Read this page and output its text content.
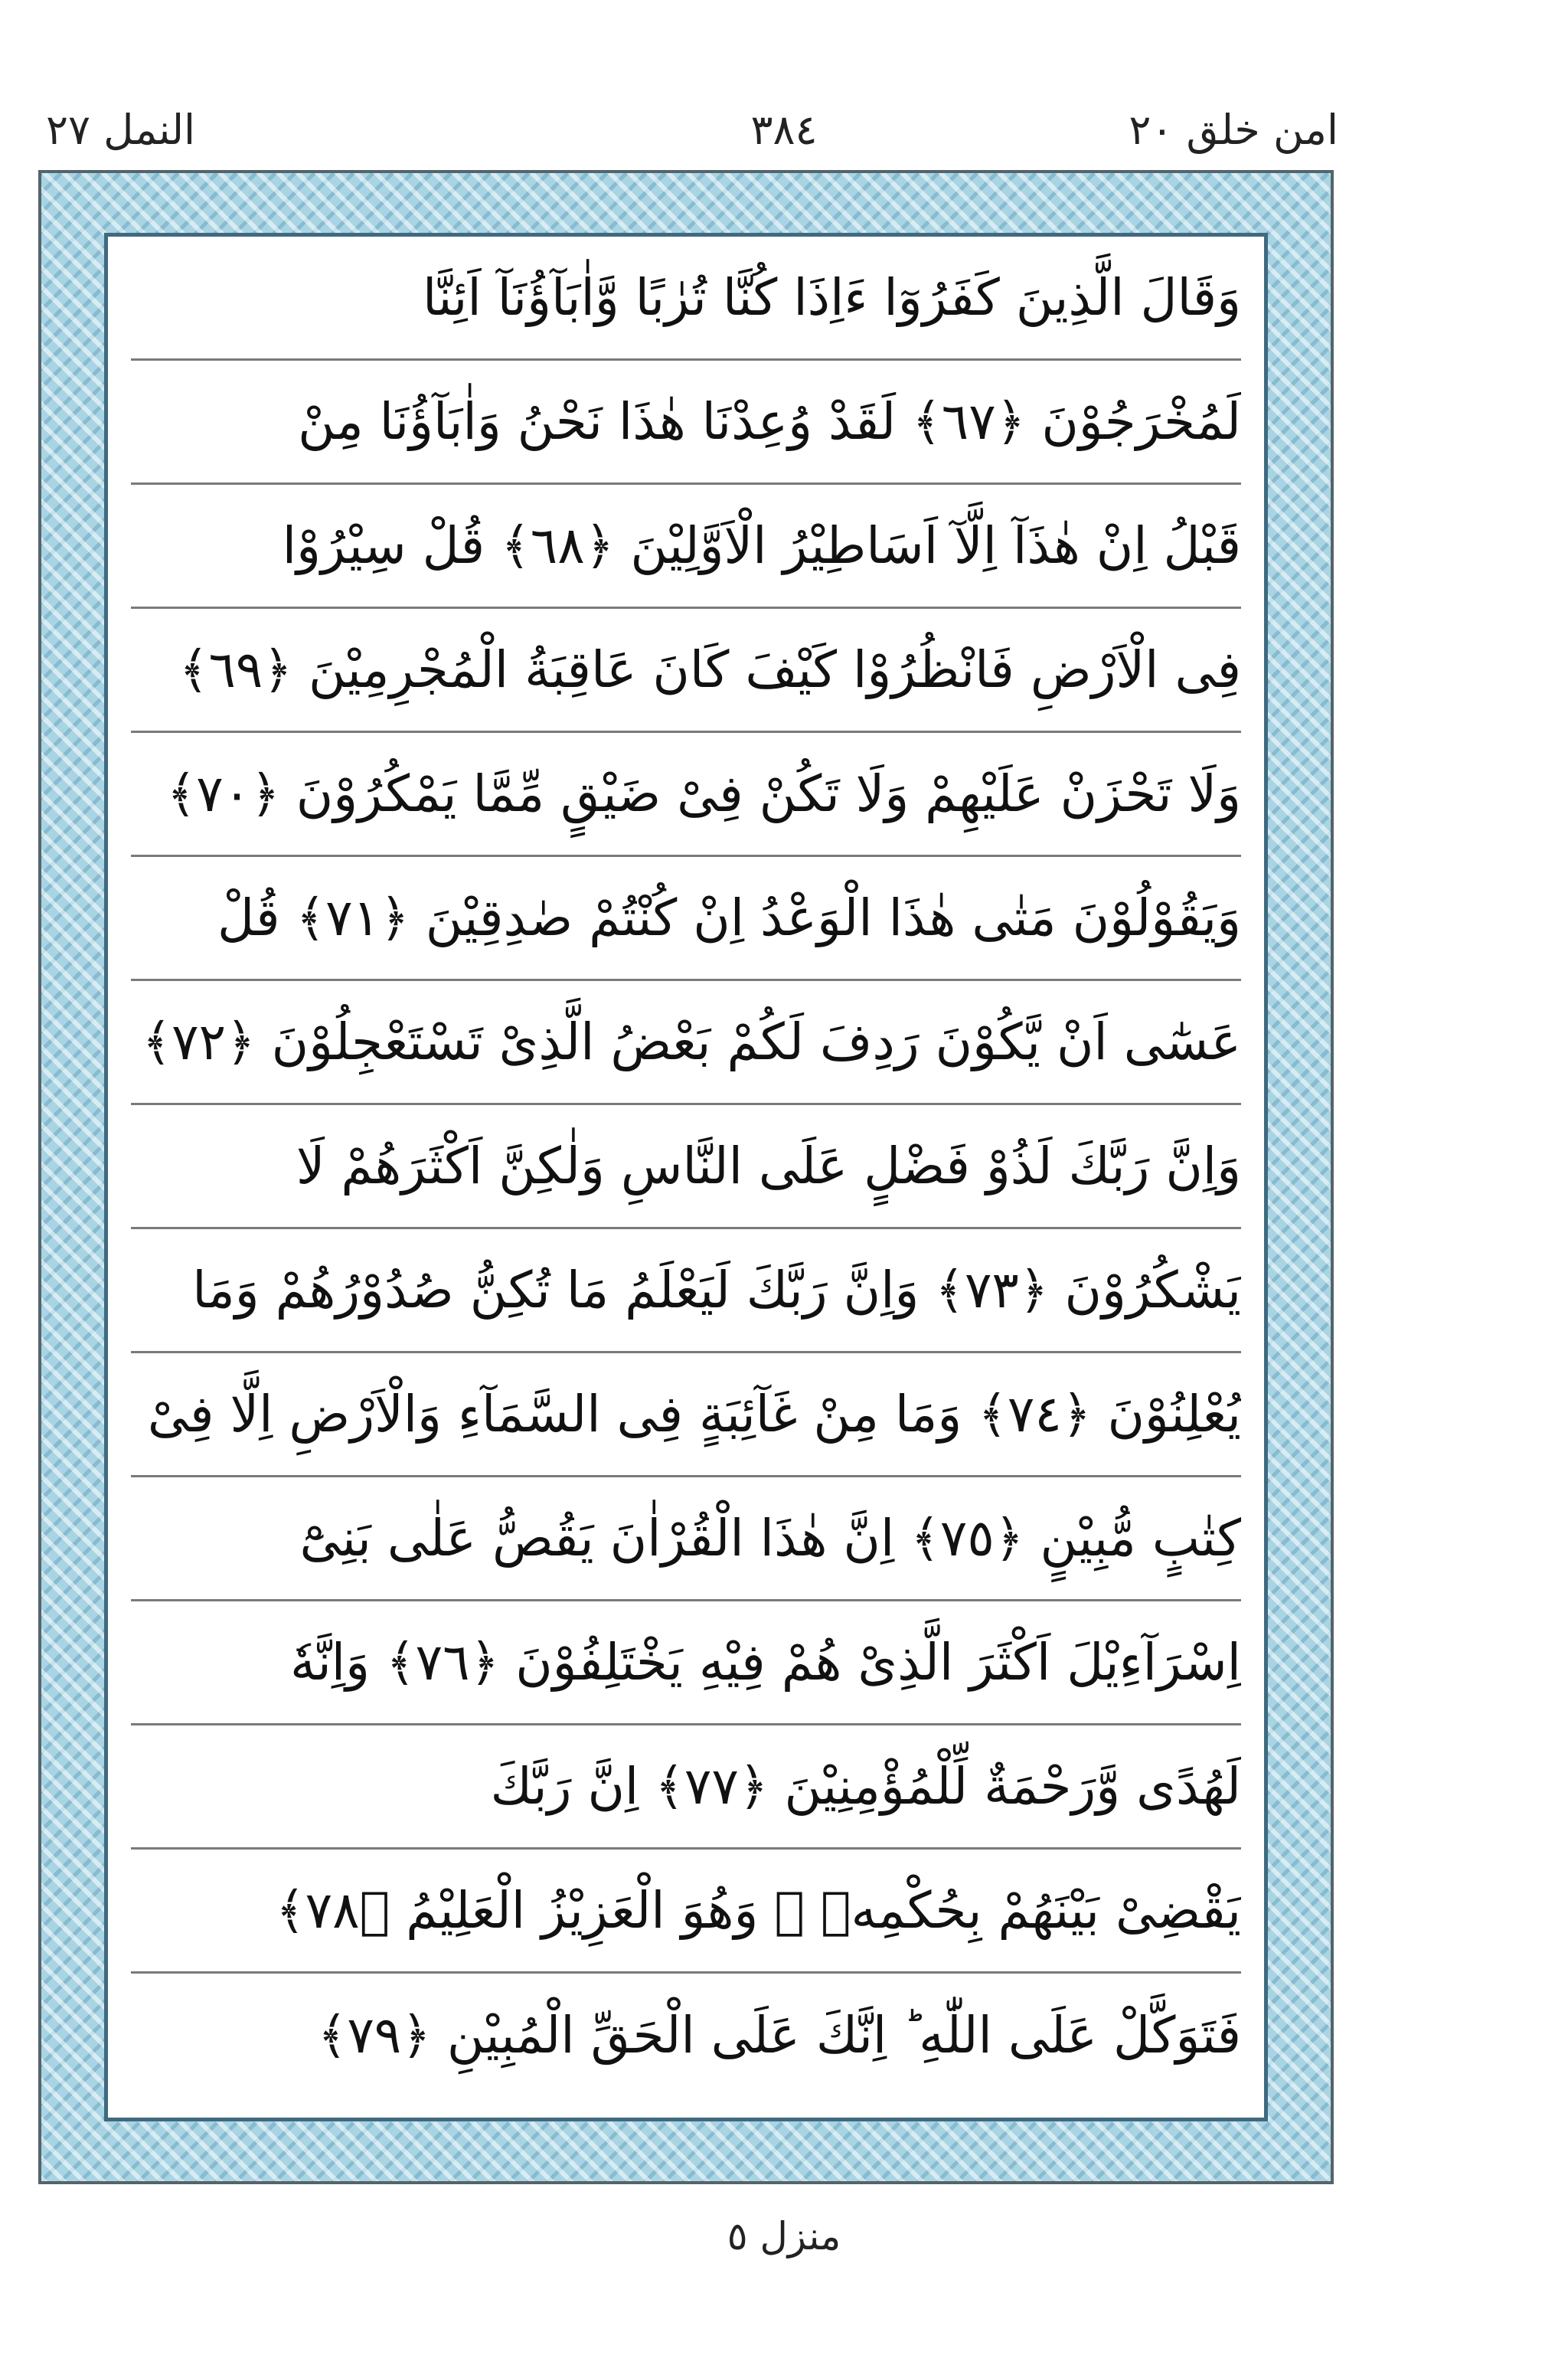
امن خلق ٢٠
٣٨٤
النمل ٢٧
وَقَالَ الَّذِينَ كَفَرُوٓا ءَاِذَا كُنَّا تُرٰبًا وَّاٰبَآؤُنَآ اَئِنَّا
لَمُخْرَجُوْنَ ﴿٦٧﴾ لَقَدْ وُعِدْنَا هٰذَا نَحْنُ وَاٰبَآؤُنَا مِنْ
قَبْلُ اِنْ هٰذَآ اِلَّآ اَسَاطِيْرُ الْاَوَّلِيْنَ ﴿٦٨﴾ قُلْ سِيْرُوْا
فِى الْاَرْضِ فَانْظُرُوْا كَيْفَ كَانَ عَاقِبَةُ الْمُجْرِمِيْنَ ﴿٦٩﴾
وَلَا تَحْزَنْ عَلَيْهِمْ وَلَا تَكُنْ فِىْ ضَيْقٍ مِّمَّا يَمْكُرُوْنَ ﴿٧٠﴾
وَيَقُوْلُوْنَ مَتٰى هٰذَا الْوَعْدُ اِنْ كُنْتُمْ صٰدِقِيْنَ ﴿٧١﴾ قُلْ
عَسٰٓى اَنْ يَّكُوْنَ رَدِفَ لَكُمْ بَعْضُ الَّذِىْ تَسْتَعْجِلُوْنَ ﴿٧٢﴾
وَاِنَّ رَبَّكَ لَذُوْ فَضْلٍ عَلَى النَّاسِ وَلٰكِنَّ اَكْثَرَهُمْ لَا
يَشْكُرُوْنَ ﴿٧٣﴾ وَاِنَّ رَبَّكَ لَيَعْلَمُ مَا تُكِنُّ صُدُوْرُهُمْ وَمَا
يُعْلِنُوْنَ ﴿٧٤﴾ وَمَا مِنْ غَآئِبَةٍ فِى السَّمَآءِ وَالْاَرْضِ اِلَّا فِىْ
كِتٰبٍ مُّبِيْنٍ ﴿٧٥﴾ اِنَّ هٰذَا الْقُرْاٰنَ يَقُصُّ عَلٰى بَنِىْٓ
اِسْرَآءِيْلَ اَكْثَرَ الَّذِىْ هُمْ فِيْهِ يَخْتَلِفُوْنَ ﴿٧٦﴾ وَاِنَّهٗ
لَهُدًى وَّرَحْمَةٌ لِّلْمُؤْمِنِيْنَ ﴿٧٧﴾ اِنَّ رَبَّكَ
يَقْضِىْ بَيْنَهُمْ بِحُكْمِهٖ ۚ وَهُوَ الْعَزِيْزُ الْعَلِيْمُ ﴿٧٨﴾
فَتَوَكَّلْ عَلَى اللّٰهِ ؕ اِنَّكَ عَلَى الْحَقِّ الْمُبِيْنِ ﴿٧٩﴾
منزل ٥
